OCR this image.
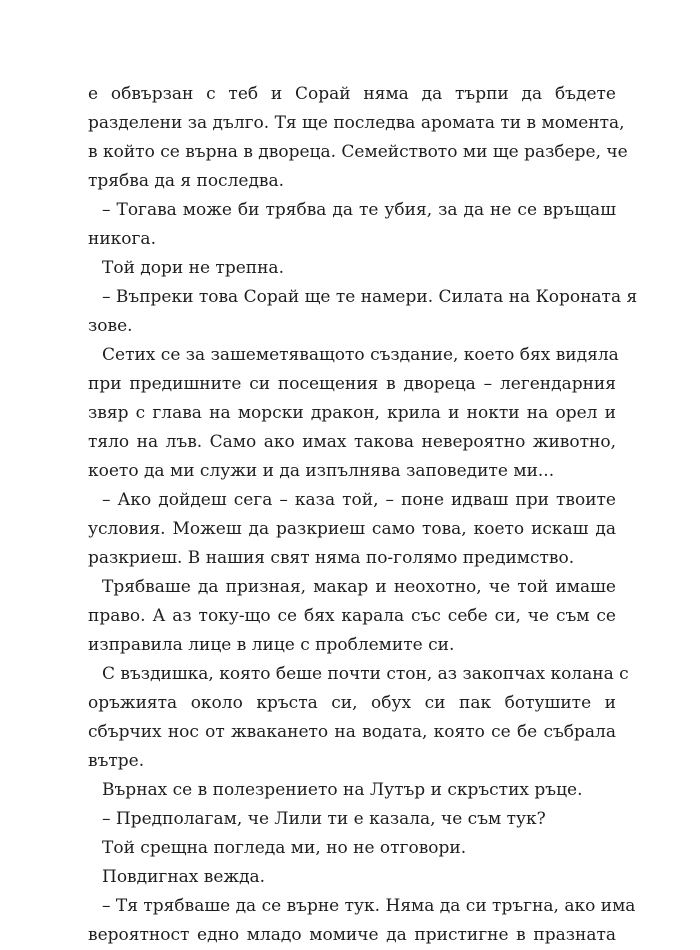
е обвързан с теб и Сорай няма да търпи да бъдете
разделени за дълго. Тя ще последва аромата ти в момента,
в който се върна в двореца. Семейството ми ще разбере, че
трябва да я последва.
– Тогава може би трябва да те убия, за да не се връщаш
никога.
Той дори не трепна.
– Въпреки това Сорай ще те намери. Силата на Короната я
зове.
Сетих се за зашеметяващото създание, което бях видяла
при предишните си посещения в двореца – легендарния
звяр с глава на морски дракон, крила и нокти на орел и
тяло на лъв. Само ако имах такова невероятно животно,
което да ми служи и да изпълнява заповедите ми...
– Ако дойдеш сега – каза той, – поне идваш при твоите
условия. Можеш да разкриеш само това, което искаш да
разкриеш. В нашия свят няма по-голямо предимство.
Трябваше да призная, макар и неохотно, че той имаше
право. А аз току-що се бях карала със себе си, че съм се
изправила лице в лице с проблемите си.
С въздишка, която беше почти стон, аз закопчах колана с
оръжията около кръста си, обух си пак ботушите и
сбърчих нос от жвакането на водата, която се бе събрала
вътре.
Върнах се в полезрението на Лутър и скръстих ръце.
– Предполагам, че Лили ти е казала, че съм тук?
Той срещна погледа ми, но не отговори.
Повдигнах вежда.
– Тя трябваше да се върне тук. Няма да си тръгна, ако има
вероятност едно младо момиче да пристигне в празната
